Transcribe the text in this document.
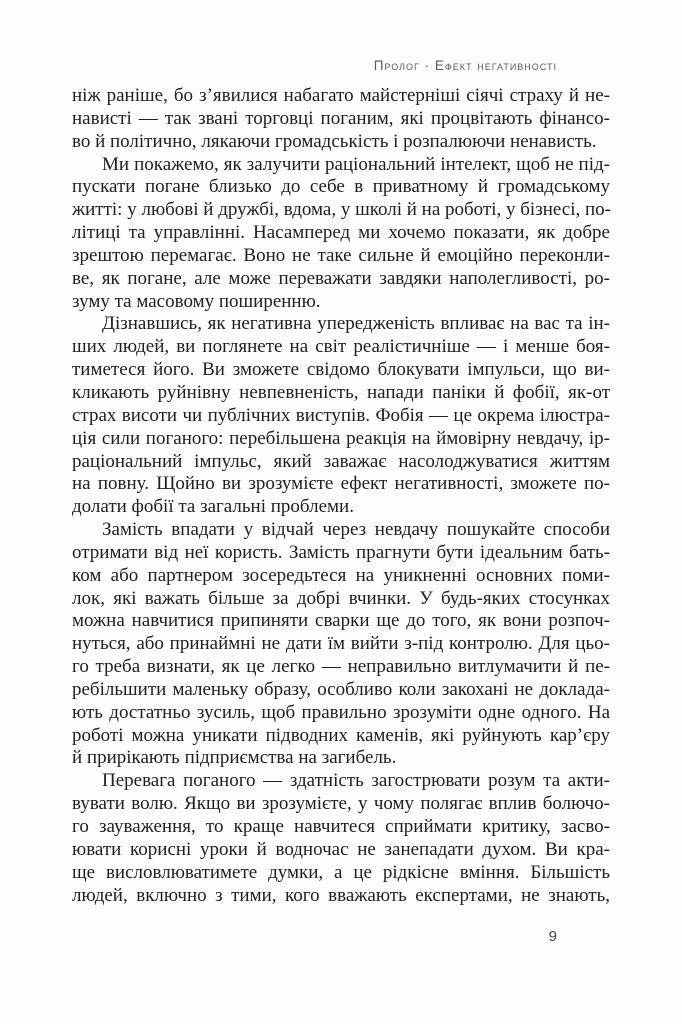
Пролог · Ефект негативності
ніж раніше, бо з’явилися набагато майстерніші сіячі страху й не-
нависті — так звані торговці поганим, які процвітають фінансо-
во й політично, лякаючи громадськість і розпалюючи ненависть.
Ми покажемо, як залучити раціональний інтелект, щоб не під-
пускати погане близько до себе в приватному й громадському
житті: у любові й дружбі, вдома, у школі й на роботі, у бізнесі, по-
літиці та управлінні. Насамперед ми хочемо показати, як добре
зрештою перемагає. Воно не таке сильне й емоційно переконли-
ве, як погане, але може переважати завдяки наполегливості, ро-
зуму та масовому поширенню.
Дізнавшись, як негативна упередженість впливає на вас та ін-
ших людей, ви поглянете на світ реалістичніше — і менше боя-
тиметеся його. Ви зможете свідомо блокувати імпульси, що ви-
кликають руйнівну невпевненість, напади паніки й фобії, як-от
страх висоти чи публічних виступів. Фобія — це окрема ілюстра-
ція сили поганого: перебільшена реакція на ймовірну невдачу, ір-
раціональний імпульс, який заважає насолоджуватися життям
на повну. Щойно ви зрозумієте ефект негативності, зможете по-
долати фобії та загальні проблеми.
Замість впадати у відчай через невдачу пошукайте способи
отримати від неї користь. Замість прагнути бути ідеальним бать-
ком або партнером зосередьтеся на уникненні основних поми-
лок, які важать більше за добрі вчинки. У будь-яких стосунках
можна навчитися припиняти сварки ще до того, як вони розпоч-
нуться, або принаймні не дати їм вийти з-під контролю. Для цьо-
го треба визнати, як це легко — неправильно витлумачити й пе-
ребільшити маленьку образу, особливо коли закохані не доклада-
ють достатньо зусиль, щоб правильно зрозуміти одне одного. На
роботі можна уникати підводних каменів, які руйнують кар’єру
й прирікають підприємства на загибель.
Перевага поганого — здатність загострювати розум та акти-
вувати волю. Якщо ви зрозумієте, у чому полягає вплив болючо-
го зауваження, то краще навчитеся сприймати критику, засво-
ювати корисні уроки й водночас не занепадати духом. Ви кра-
ще висловлюватимете думки, а це рідкісне вміння. Більшість
людей, включно з тими, кого вважають експертами, не знають,
9
